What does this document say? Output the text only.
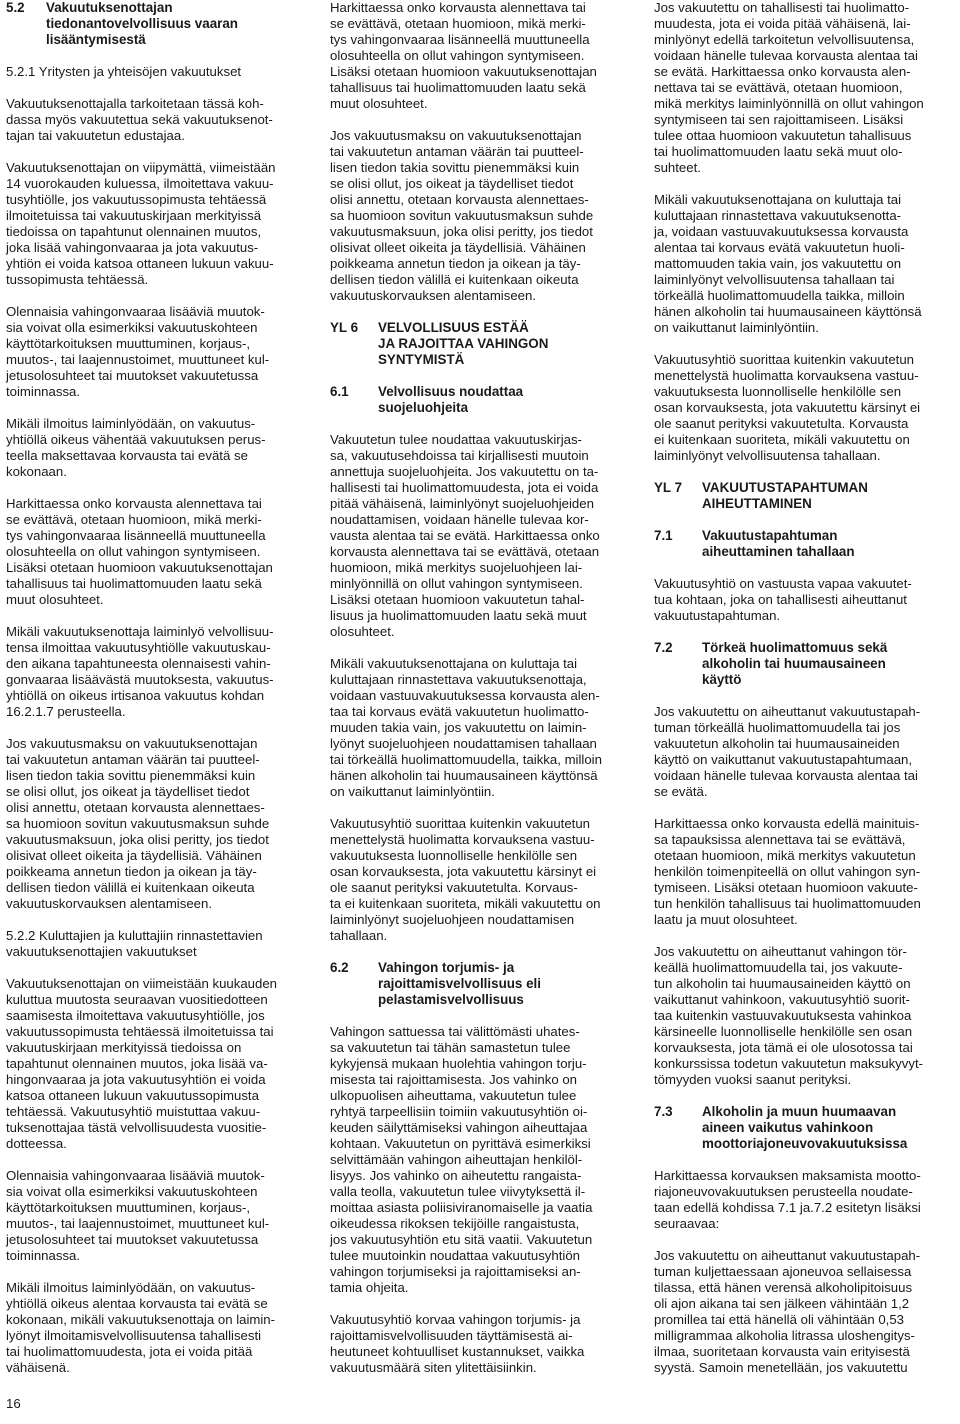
5.2	Vakuutuksenottajan
tiedonantovelvollisuus vaaran
lisääntymisestä
5.2.1 Yritysten ja yhteisöjen vakuutukset

Vakuutuksenottajalla tarkoitetaan tässä koh-
dassa myös vakuutettua sekä vakuutuksenot-
tajan tai vakuutetun edustajaa.

Vakuutuksenottajan on viipymättä, viimeistään
14 vuorokauden kuluessa, ilmoitettava vakuu-
tusyhtiölle, jos vakuutussopimusta tehtäessä
ilmoitetuissa tai vakuutuskirjaan merkityissä
tiedoissa on tapahtunut olennainen muutos,
joka lisää vahingonvaaraa ja jota vakuutus-
yhtiön ei voida katsoa ottaneen lukuun vakuu-
tussopimusta tehtäessä.

Olennaisia vahingonvaaraa lisääviä muutok-
sia voivat olla esimerkiksi vakuutuskohteen
käyttötarkoituksen muuttuminen, korjaus-,
muutos-, tai laajennustoimet, muuttuneet kul-
jetusolosuhteet tai muutokset vakuutetussa
toiminnassa.

Mikäli ilmoitus laiminlyödään, on vakuutus-
yhtiöllä oikeus vähentää vakuutuksen perus-
teella maksettavaa korvausta tai evätä se
kokonaan.

Harkittaessa onko korvausta alennettava tai
se evättävä, otetaan huomioon, mikä merki-
tys vahingonvaaraa lisänneellä muuttuneella
olosuhteella on ollut vahingon syntymiseen.
Lisäksi otetaan huomioon vakuutuksenottajan
tahallisuus tai huolimattomuuden laatu sekä
muut olosuhteet.

Mikäli vakuutuksenottaja laiminlyö velvollisuu-
tensa ilmoittaa vakuutusyhtiölle vakuutuskau-
den aikana tapahtuneesta olennaisesti vahin-
gonvaaraa lisäävästä muutoksesta, vakuutus-
yhtiöllä on oikeus irtisanoa vakuutus kohdan
16.2.1.7 perusteella.

Jos vakuutusmaksu on vakuutuksenottajan
tai vakuutetun antaman väärän tai puutteel-
lisen tiedon takia sovittu pienemmäksi kuin
se olisi ollut, jos oikeat ja täydelliset tiedot
olisi annettu, otetaan korvausta alennettaes-
sa huomioon sovitun vakuutusmaksun suhde
vakuutusmaksuun, joka olisi peritty, jos tiedot
olisivat olleet oikeita ja täydellisiä. Vähäinen
poikkeama annetun tiedon ja oikean ja täy-
dellisen tiedon välillä ei kuitenkaan oikeuta
vakuutuskorvauksen alentamiseen.

5.2.2 Kuluttajien ja kuluttajiin rinnastettavien
vakuutuksenottajien vakuutukset

Vakuutuksenottajan on viimeistään kuukauden
kuluttua muutosta seuraavan vuositiedotteen
saamisesta ilmoitettava vakuutusyhtiölle, jos
vakuutussopimusta tehtäessä ilmoitetuissa tai
vakuutuskirjaan merkityissä tiedoissa on
tapahtunut olennainen muutos, joka lisää va-
hingonvaaraa ja jota vakuutusyhtiön ei voida
katsoa ottaneen lukuun vakuutussopimusta
tehtäessä. Vakuutusyhtiö muistuttaa vakuu-
tuksenottajaa tästä velvollisuudesta vuositie-
dotteessa.

Olennaisia vahingonvaaraa lisääviä muutok-
sia voivat olla esimerkiksi vakuutuskohteen
käyttötarkoituksen muuttuminen, korjaus-,
muutos-, tai laajennustoimet, muuttuneet kul-
jetusolosuhteet tai muutokset vakuutetussa
toiminnassa.

Mikäli ilmoitus laiminlyödään, on vakuutus-
yhtiöllä oikeus alentaa korvausta tai evätä se
kokonaan, mikäli vakuutuksenottaja on laimin-
lyönyt ilmoitamisvelvollisuutensa tahallisesti
tai huolimattomuudesta, jota ei voida pitää
vähäisenä.

Harkittaessa onko korvausta alennettava tai
se evättävä, otetaan huomioon, mikä merki-
tys vahingonvaaraa lisänneellä muuttuneella
olosuhteella on ollut vahingon syntymiseen.
Lisäksi otetaan huomioon vakuutuksenottajan
tahallisuus tai huolimattomuuden laatu sekä
muut olosuhteet.

Jos vakuutusmaksu on vakuutuksenottajan
tai vakuutetun antaman väärän tai puutteel-
lisen tiedon takia sovittu pienemmäksi kuin
se olisi ollut, jos oikeat ja täydelliset tiedot
olisi annettu, otetaan korvausta alennettaes-
sa huomioon sovitun vakuutusmaksun suhde
vakuutusmaksuun, joka olisi peritty, jos tiedot
olisivat olleet oikeita ja täydellisiä. Vähäinen
poikkeama annetun tiedon ja oikean ja täy-
dellisen tiedon välillä ei kuitenkaan oikeuta
vakuutuskorvauksen alentamiseen.

YL 6	VELVOLLISUUS ESTÄÄ
JA RAJOITTAA VAHINGON
SYNTYMISTÄ
6.1	Velvollisuus noudattaa
suojeluohjeita

Vakuutetun tulee noudattaa vakuutuskirjas-
sa, vakuutusehdoissa tai kirjallisesti muutoin
annettuja suojeluohjeita. Jos vakuutettu on ta-
hallisesti tai huolimattomuudesta, jota ei voida
pitää vähäisenä, laiminlyönyt suojeluohjeiden
noudattamisen, voidaan hänelle tulevaa kor-
vausta alentaa tai se evätä. Harkittaessa onko
korvausta alennettava tai se evättävä, otetaan
huomioon, mikä merkitys suojeluohjeen lai-
minlyönnillä on ollut vahingon syntymiseen.
Lisäksi otetaan huomioon vakuutetun tahal-
lisuus ja huolimattomuuden laatu sekä muut
olosuhteet.

Mikäli vakuutuksenottajana on kuluttaja tai
kuluttajaan rinnastettava vakuutuksenottaja,
voidaan vastuuvakuutuksessa korvausta alen-
taa tai korvaus evätä vakuutetun huolimatto-
muuden takia vain, jos vakuutettu on laimin-
lyönyt suojeluohjeen noudattamisen tahallaan
tai törkeällä huolimattomuudella, taikka, milloin
hänen alkoholin tai huumausaineen käyttönsä
on vaikuttanut laiminlyöntiin.

Vakuutusyhtiö suorittaa kuitenkin vakuutetun
menettelystä huolimatta korvauksena vastuu-
vakuutuksesta luonnolliselle henkilölle sen
osan korvauksesta, jota vakuutettu kärsinyt ei
ole saanut perityksi vakuutetulta. Korvaus-
ta ei kuitenkaan suoriteta, mikäli vakuutettu on
laiminlyönyt suojeluohjeen noudattamisen
tahallaan.

6.2	Vahingon torjumis- ja
rajoittamisvelvollisuus eli
pelastamisvelvollisuus

Vahingon sattuessa tai välittömästi uhates-
sa vakuutetun tai tähän samastetun tulee
kykyjensä mukaan huolehtia vahingon torju-
misesta tai rajoittamisesta. Jos vahinko on
ulkopuolisen aiheuttama, vakuutetun tulee
ryhtyä tarpeellisiin toimiin vakuutusyhtiön oi-
keuden säilyttämiseksi vahingon aiheuttajaa
kohtaan. Vakuutetun on pyrittävä esimerkiksi
selvittämään vahingon aiheuttajan henkilöl-
lisyys. Jos vahinko on aiheutettu rangaista-
valla teolla, vakuutetun tulee viivytyksettä il-
moittaa asiasta poliisiviranomaiselle ja vaatia
oikeudessa rikoksen tekijöille rangaistusta,
jos vakuutusyhtiön etu sitä vaatii. Vakuutetun
tulee muutoinkin noudattaa vakuutusyhtiön
vahingon torjumiseksi ja rajoittamiseksi an-
tamia ohjeita.

Vakuutusyhtiö korvaa vahingon torjumis- ja
rajoittamisvelvollisuuden täyttämisestä ai-
heutuneet kohtuulliset kustannukset, vaikka
vakuutusmäärä siten ylitettäisiinkin.

Jos vakuutettu on tahallisesti tai huolimatto-
muudesta, jota ei voida pitää vähäisenä, lai-
minlyönyt edellä tarkoitetun velvollisuutensa,
voidaan hänelle tulevaa korvausta alentaa tai
se evätä. Harkittaessa onko korvausta alen-
nettava tai se evättävä, otetaan huomioon,
mikä merkitys laiminlyönnillä on ollut vahingon
syntymiseen tai sen rajoittamiseen. Lisäksi
tulee ottaa huomioon vakuutetun tahallisuus
tai huolimattomuuden laatu sekä muut olo-
suhteet.

Mikäli vakuutuksenottajana on kuluttaja tai
kuluttajaan rinnastettava vakuutuksenotta-
ja, voidaan vastuuvakuutuksessa korvausta
alentaa tai korvaus evätä vakuutetun huoli-
mattomuuden takia vain, jos vakuutettu on
laiminlyönyt velvollisuutensa tahallaan tai
törkeällä huolimattomuudella taikka, milloin
hänen alkoholin tai huumausaineen käyttönsä
on vaikuttanut laiminlyöntiin.

Vakuutusyhtiö suorittaa kuitenkin vakuutetun
menettelystä huolimatta korvauksena vastuu-
vakuutuksesta luonnolliselle henkilölle sen
osan korvauksesta, jota vakuutettu kärsinyt ei
ole saanut perityksi vakuutetulta. Korvausta
ei kuitenkaan suoriteta, mikäli vakuutettu on
laiminlyönyt velvollisuutensa tahallaan.

YL 7	VAKUUTUSTAPAHTUMAN
AIHEUTTAMINEN
7.1	Vakuutustapahtuman
aiheuttaminen tahallaan

Vakuutusyhtiö on vastuusta vapaa vakuutet-
tua kohtaan, joka on tahallisesti aiheuttanut
vakuutustapahtuman.

7.2	Törkeä huolimattomuus sekä
alkoholin tai huumausaineen
käyttö

Jos vakuutettu on aiheuttanut vakuutustapah-
tuman törkeällä huolimattomuudella tai jos
vakuutetun alkoholin tai huumausaineiden
käyttö on vaikuttanut vakuutustapahtumaan,
voidaan hänelle tulevaa korvausta alentaa tai
se evätä.

Harkittaessa onko korvausta edellä mainituis-
sa tapauksissa alennettava tai se evättävä,
otetaan huomioon, mikä merkitys vakuutetun
henkilön toimenpiteellä on ollut vahingon syn-
tymiseen. Lisäksi otetaan huomioon vakuute-
tun henkilön tahallisuus tai huolimattomuuden
laatu ja muut olosuhteet.

Jos vakuutettu on aiheuttanut vahingon tör-
keällä huolimattomuudella tai, jos vakuute-
tun alkoholin tai huumausaineiden käyttö on
vaikuttanut vahinkoon, vakuutusyhtiö suorit-
taa kuitenkin vastuuvakuutuksesta vahinkoa
kärsineelle luonnolliselle henkilölle sen osan
korvauksesta, jota tämä ei ole ulosotossa tai
konkurssissa todetun vakuutetun maksukyvyt-
tömyyden vuoksi saanut perityksi.

7.3	Alkoholin ja muun huumaavan
aineen vaikutus vahinkoon
moottoriajoneuvovakuutuksissa

Harkittaessa korvauksen maksamista mootto-
riajoneuvovakuutuksen perusteella noudate-
taan edellä kohdissa 7.1 ja.7.2 esitetyn lisäksi
seuraavaa:

Jos vakuutettu on aiheuttanut vakuutustapah-
tuman kuljettaessaan ajoneuvoa sellaisessa
tilassa, että hänen verensä alkoholipitoisuus
oli ajon aikana tai sen jälkeen vähintään 1,2
promillea tai että hänellä oli vähintään 0,53
milligrammaa alkoholia litrassa uloshengitys-
ilmaa, suoritetaan korvausta vain erityisestä
syystä. Samoin menetellään, jos vakuutettu

16
